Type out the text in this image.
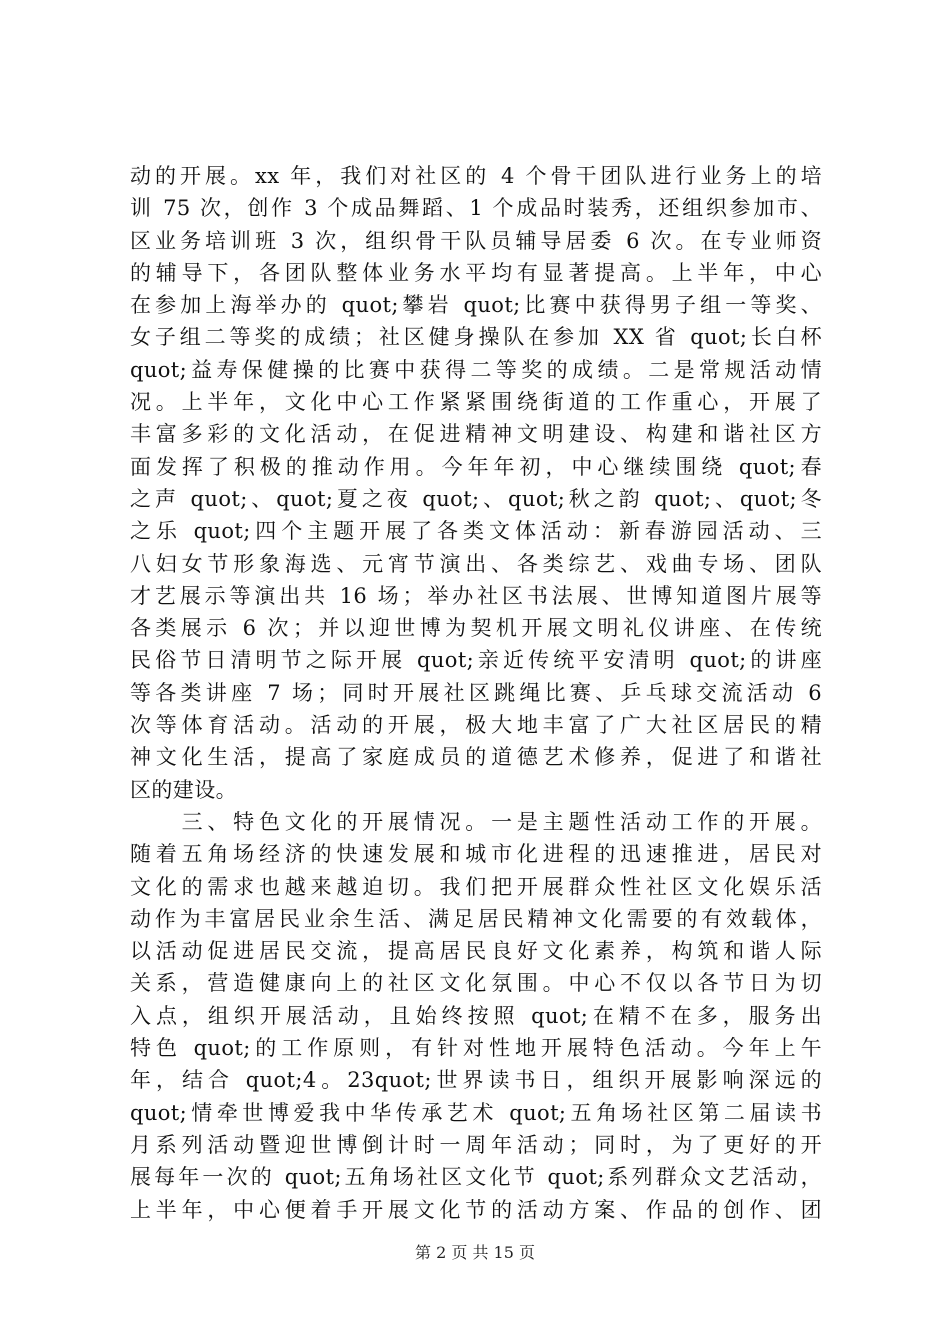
动的开展。xx 年，我们对社区的 4 个骨干团队进行业务上的培
训 75 次，创作 3 个成品舞蹈、1 个成品时装秀，还组织参加市、
区业务培训班 3 次，组织骨干队员辅导居委 6 次。在专业师资
的辅导下，各团队整体业务水平均有显著提高。上半年，中心
在参加上海举办的 quot;攀岩 quot;比赛中获得男子组一等奖、
女子组二等奖的成绩；社区健身操队在参加 XX 省 quot;长白杯
quot;益寿保健操的比赛中获得二等奖的成绩。二是常规活动情
况。上半年，文化中心工作紧紧围绕街道的工作重心，开展了
丰富多彩的文化活动，在促进精神文明建设、构建和谐社区方
面发挥了积极的推动作用。今年年初，中心继续围绕 quot;春
之声 quot;、quot;夏之夜 quot;、quot;秋之韵 quot;、quot;冬
之乐 quot;四个主题开展了各类文体活动：新春游园活动、三
八妇女节形象海选、元宵节演出、各类综艺、戏曲专场、团队
才艺展示等演出共 16 场；举办社区书法展、世博知道图片展等
各类展示 6 次；并以迎世博为契机开展文明礼仪讲座、在传统
民俗节日清明节之际开展 quot;亲近传统平安清明 quot;的讲座
等各类讲座 7 场；同时开展社区跳绳比赛、乒乓球交流活动 6
次等体育活动。活动的开展，极大地丰富了广大社区居民的精
神文化生活，提高了家庭成员的道德艺术修养，促进了和谐社
区的建设。
　　三、特色文化的开展情况。一是主题性活动工作的开展。
随着五角场经济的快速发展和城市化进程的迅速推进，居民对
文化的需求也越来越迫切。我们把开展群众性社区文化娱乐活
动作为丰富居民业余生活、满足居民精神文化需要的有效载体，
以活动促进居民交流，提高居民良好文化素养，构筑和谐人际
关系，营造健康向上的社区文化氛围。中心不仅以各节日为切
入点，组织开展活动，且始终按照 quot;在精不在多，服务出
特色 quot;的工作原则，有针对性地开展特色活动。今年上午
年，结合 quot;4。23quot;世界读书日，组织开展影响深远的
quot;情牵世博爱我中华传承艺术 quot;五角场社区第二届读书
月系列活动暨迎世博倒计时一周年活动；同时，为了更好的开
展每年一次的 quot;五角场社区文化节 quot;系列群众文艺活动，
上半年，中心便着手开展文化节的活动方案、作品的创作、团
第 2 页 共 15 页
